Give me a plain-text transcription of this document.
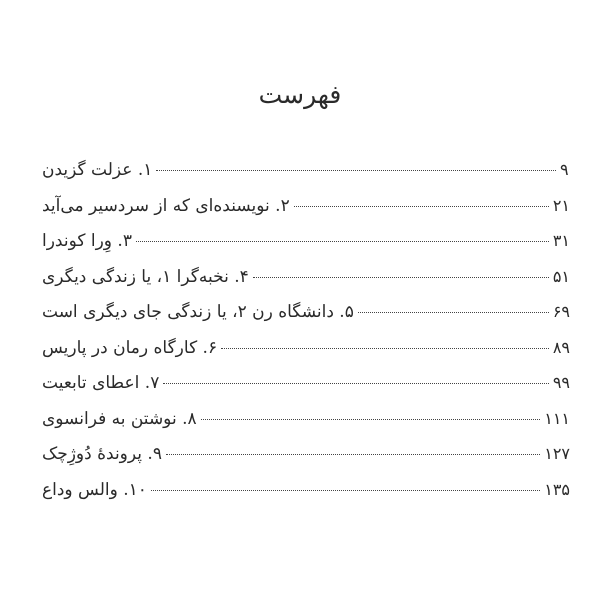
فهرست
۱. عزلت گزیدن	۹
۲. نویسنده‌ای که از سردسیر می‌آید	۲۱
۳. وِرا کوندرا	۳۱
۴. نخبه‌گرا ۱، یا زندگی دیگری	۵۱
۵. دانشگاه رن ۲، یا زندگی جای دیگری است	۶۹
۶. کارگاه رمان در پاریس	۸۹
۷. اعطای تابعیت	۹۹
۸. نوشتن به فرانسوی	۱۱۱
۹. پروندهٔ دُوژِچک	۱۲۷
۱۰. والس وداع	۱۳۵
